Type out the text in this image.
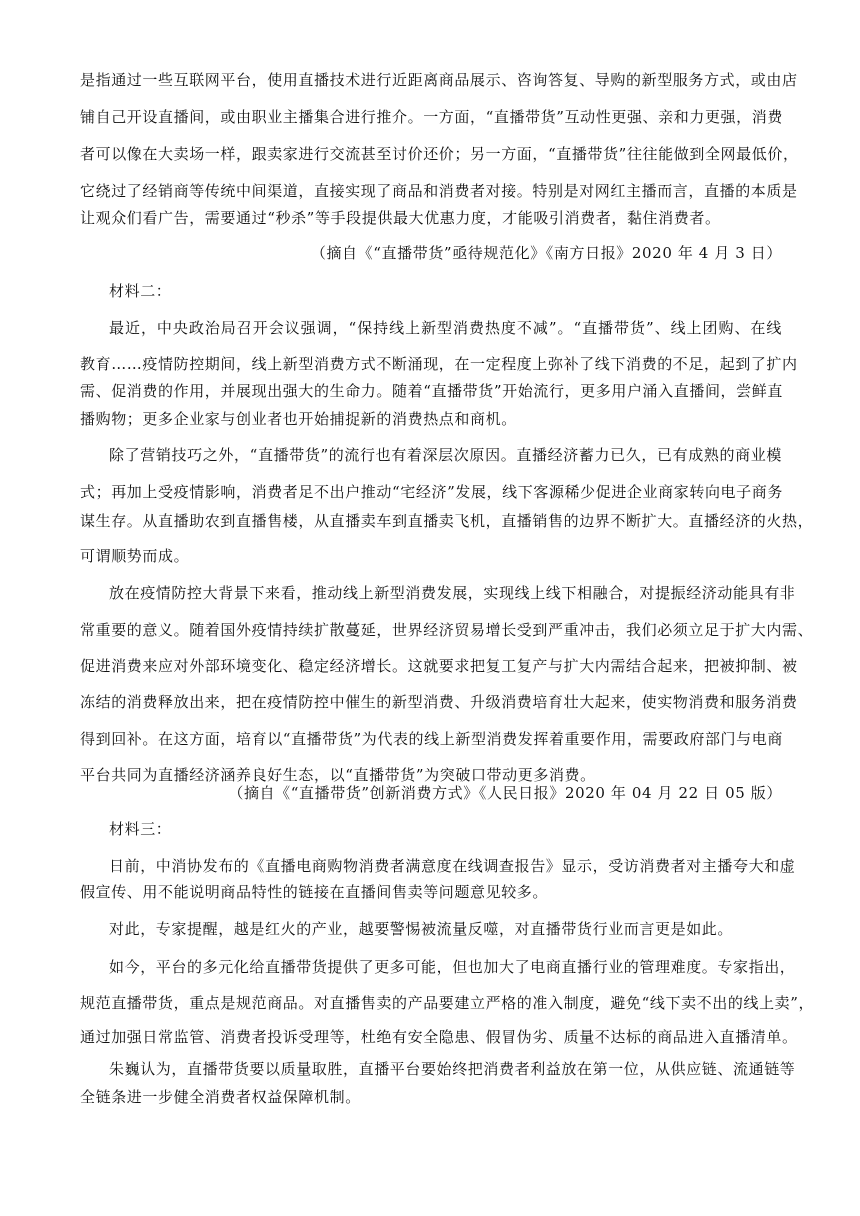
是指通过一些互联网平台，使用直播技术进行近距离商品展示、咨询答复、导购的新型服务方式，或由店
铺自己开设直播间，或由职业主播集合进行推介。一方面，“直播带货”互动性更强、亲和力更强，消费
者可以像在大卖场一样，跟卖家进行交流甚至讨价还价；另一方面，“直播带货”往往能做到全网最低价，
它绕过了经销商等传统中间渠道，直接实现了商品和消费者对接。特别是对网红主播而言，直播的本质是
让观众们看广告，需要通过“秒杀”等手段提供最大优惠力度，才能吸引消费者，黏住消费者。
（摘自《“直播带货”亟待规范化》《南方日报》2020 年 4 月 3 日）
材料二：
最近，中央政治局召开会议强调，“保持线上新型消费热度不减”。“直播带货”、线上团购、在线
教育……疫情防控期间，线上新型消费方式不断涌现，在一定程度上弥补了线下消费的不足，起到了扩内
需、促消费的作用，并展现出强大的生命力。随着“直播带货”开始流行，更多用户涌入直播间，尝鲜直
播购物；更多企业家与创业者也开始捕捉新的消费热点和商机。
除了营销技巧之外，“直播带货”的流行也有着深层次原因。直播经济蓄力已久，已有成熟的商业模
式；再加上受疫情影响，消费者足不出户推动“宅经济”发展，线下客源稀少促进企业商家转向电子商务
谋生存。从直播助农到直播售楼，从直播卖车到直播卖飞机，直播销售的边界不断扩大。直播经济的火热，
可谓顺势而成。
放在疫情防控大背景下来看，推动线上新型消费发展，实现线上线下相融合，对提振经济动能具有非
常重要的意义。随着国外疫情持续扩散蔓延，世界经济贸易增长受到严重冲击，我们必须立足于扩大内需、
促进消费来应对外部环境变化、稳定经济增长。这就要求把复工复产与扩大内需结合起来，把被抑制、被
冻结的消费释放出来，把在疫情防控中催生的新型消费、升级消费培育壮大起来，使实物消费和服务消费
得到回补。在这方面，培育以“直播带货”为代表的线上新型消费发挥着重要作用，需要政府部门与电商
平台共同为直播经济涵养良好生态，以“直播带货”为突破口带动更多消费。
（摘自《“直播带货”创新消费方式》《人民日报》2020 年 04 月 22 日 05 版）
材料三：
日前，中消协发布的《直播电商购物消费者满意度在线调查报告》显示，受访消费者对主播夸大和虚
假宣传、用不能说明商品特性的链接在直播间售卖等问题意见较多。
对此，专家提醒，越是红火的产业，越要警惕被流量反噬，对直播带货行业而言更是如此。
如今，平台的多元化给直播带货提供了更多可能，但也加大了电商直播行业的管理难度。专家指出，
规范直播带货，重点是规范商品。对直播售卖的产品要建立严格的准入制度，避免“线下卖不出的线上卖”，
通过加强日常监管、消费者投诉受理等，杜绝有安全隐患、假冒伪劣、质量不达标的商品进入直播清单。
朱巍认为，直播带货要以质量取胜，直播平台要始终把消费者利益放在第一位，从供应链、流通链等
全链条进一步健全消费者权益保障机制。
